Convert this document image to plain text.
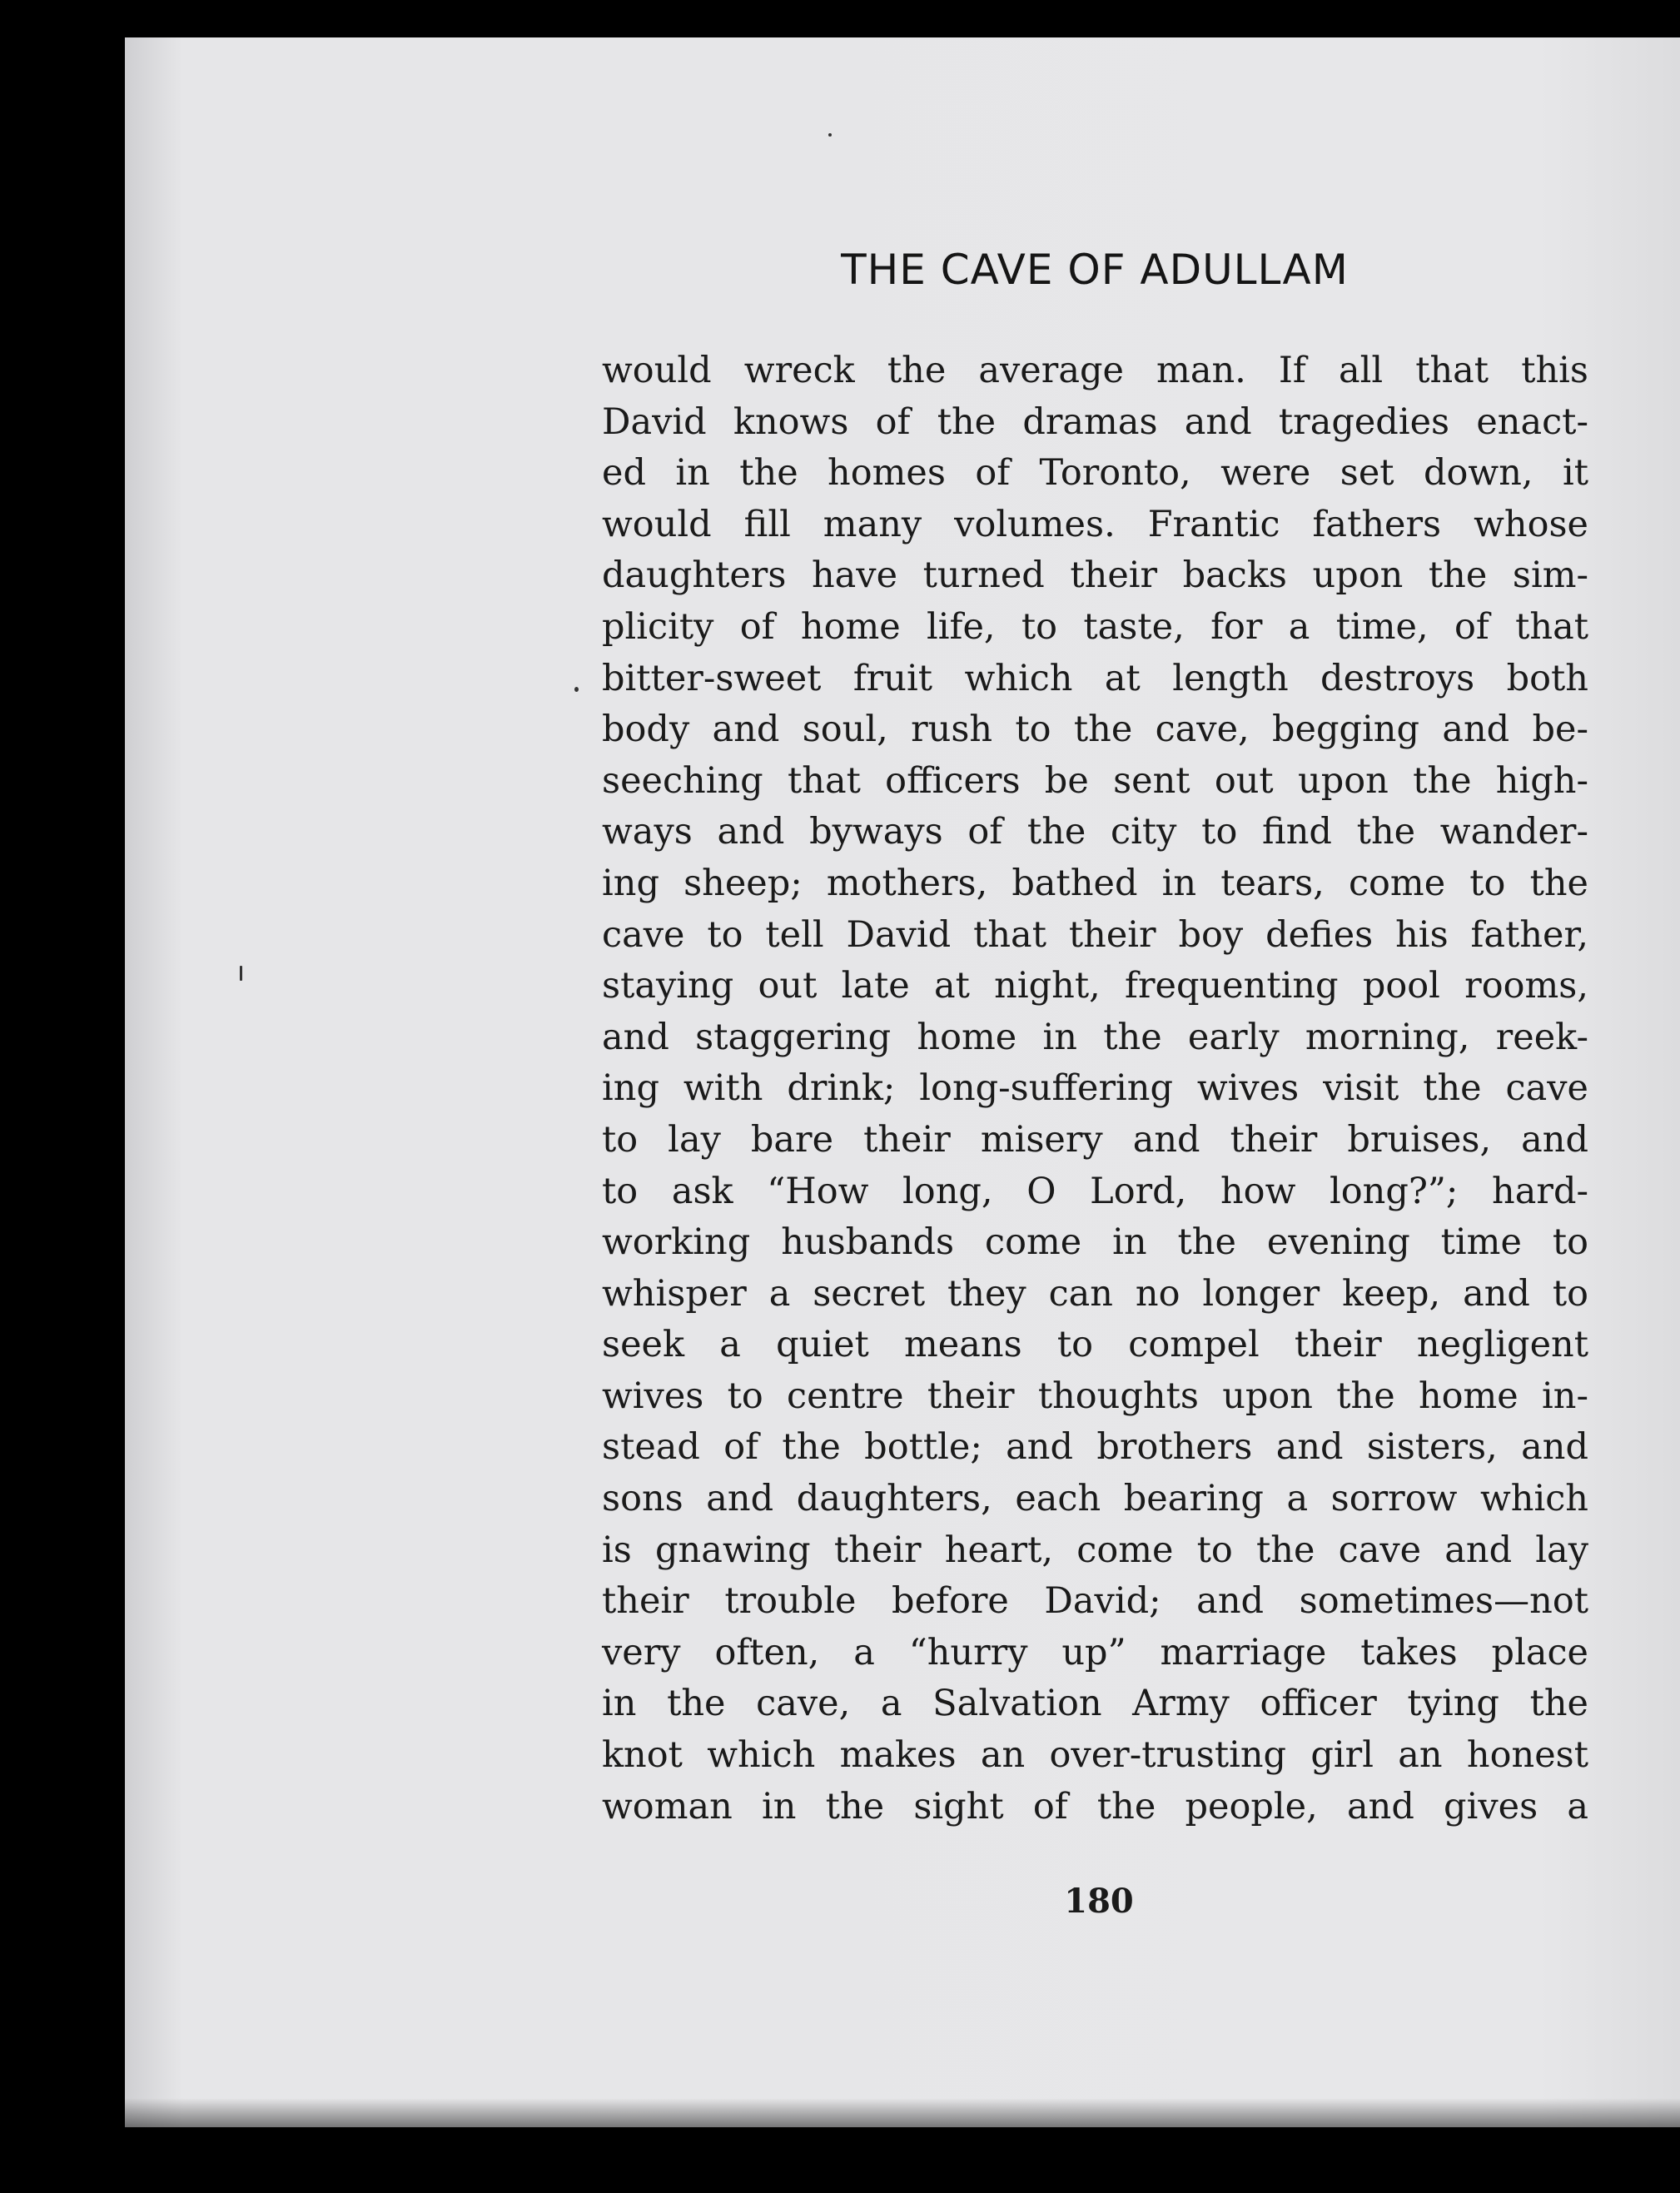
THE CAVE OF ADULLAM
would wreck the average man. If all that this
David knows of the dramas and tragedies enact-
ed in the homes of Toronto, were set down, it
would fill many volumes. Frantic fathers whose
daughters have turned their backs upon the sim-
plicity of home life, to taste, for a time, of that
bitter-sweet fruit which at length destroys both
body and soul, rush to the cave, begging and be-
seeching that officers be sent out upon the high-
ways and byways of the city to find the wander-
ing sheep; mothers, bathed in tears, come to the
cave to tell David that their boy defies his father,
staying out late at night, frequenting pool rooms,
and staggering home in the early morning, reek-
ing with drink; long-suffering wives visit the cave
to lay bare their misery and their bruises, and
to ask “How long, O Lord, how long?”; hard-
working husbands come in the evening time to
whisper a secret they can no longer keep, and to
seek a quiet means to compel their negligent
wives to centre their thoughts upon the home in-
stead of the bottle; and brothers and sisters, and
sons and daughters, each bearing a sorrow which
is gnawing their heart, come to the cave and lay
their trouble before David; and sometimes—not
very often, a “hurry up” marriage takes place
in the cave, a Salvation Army officer tying the
knot which makes an over-trusting girl an honest
woman in the sight of the people, and gives a
180
